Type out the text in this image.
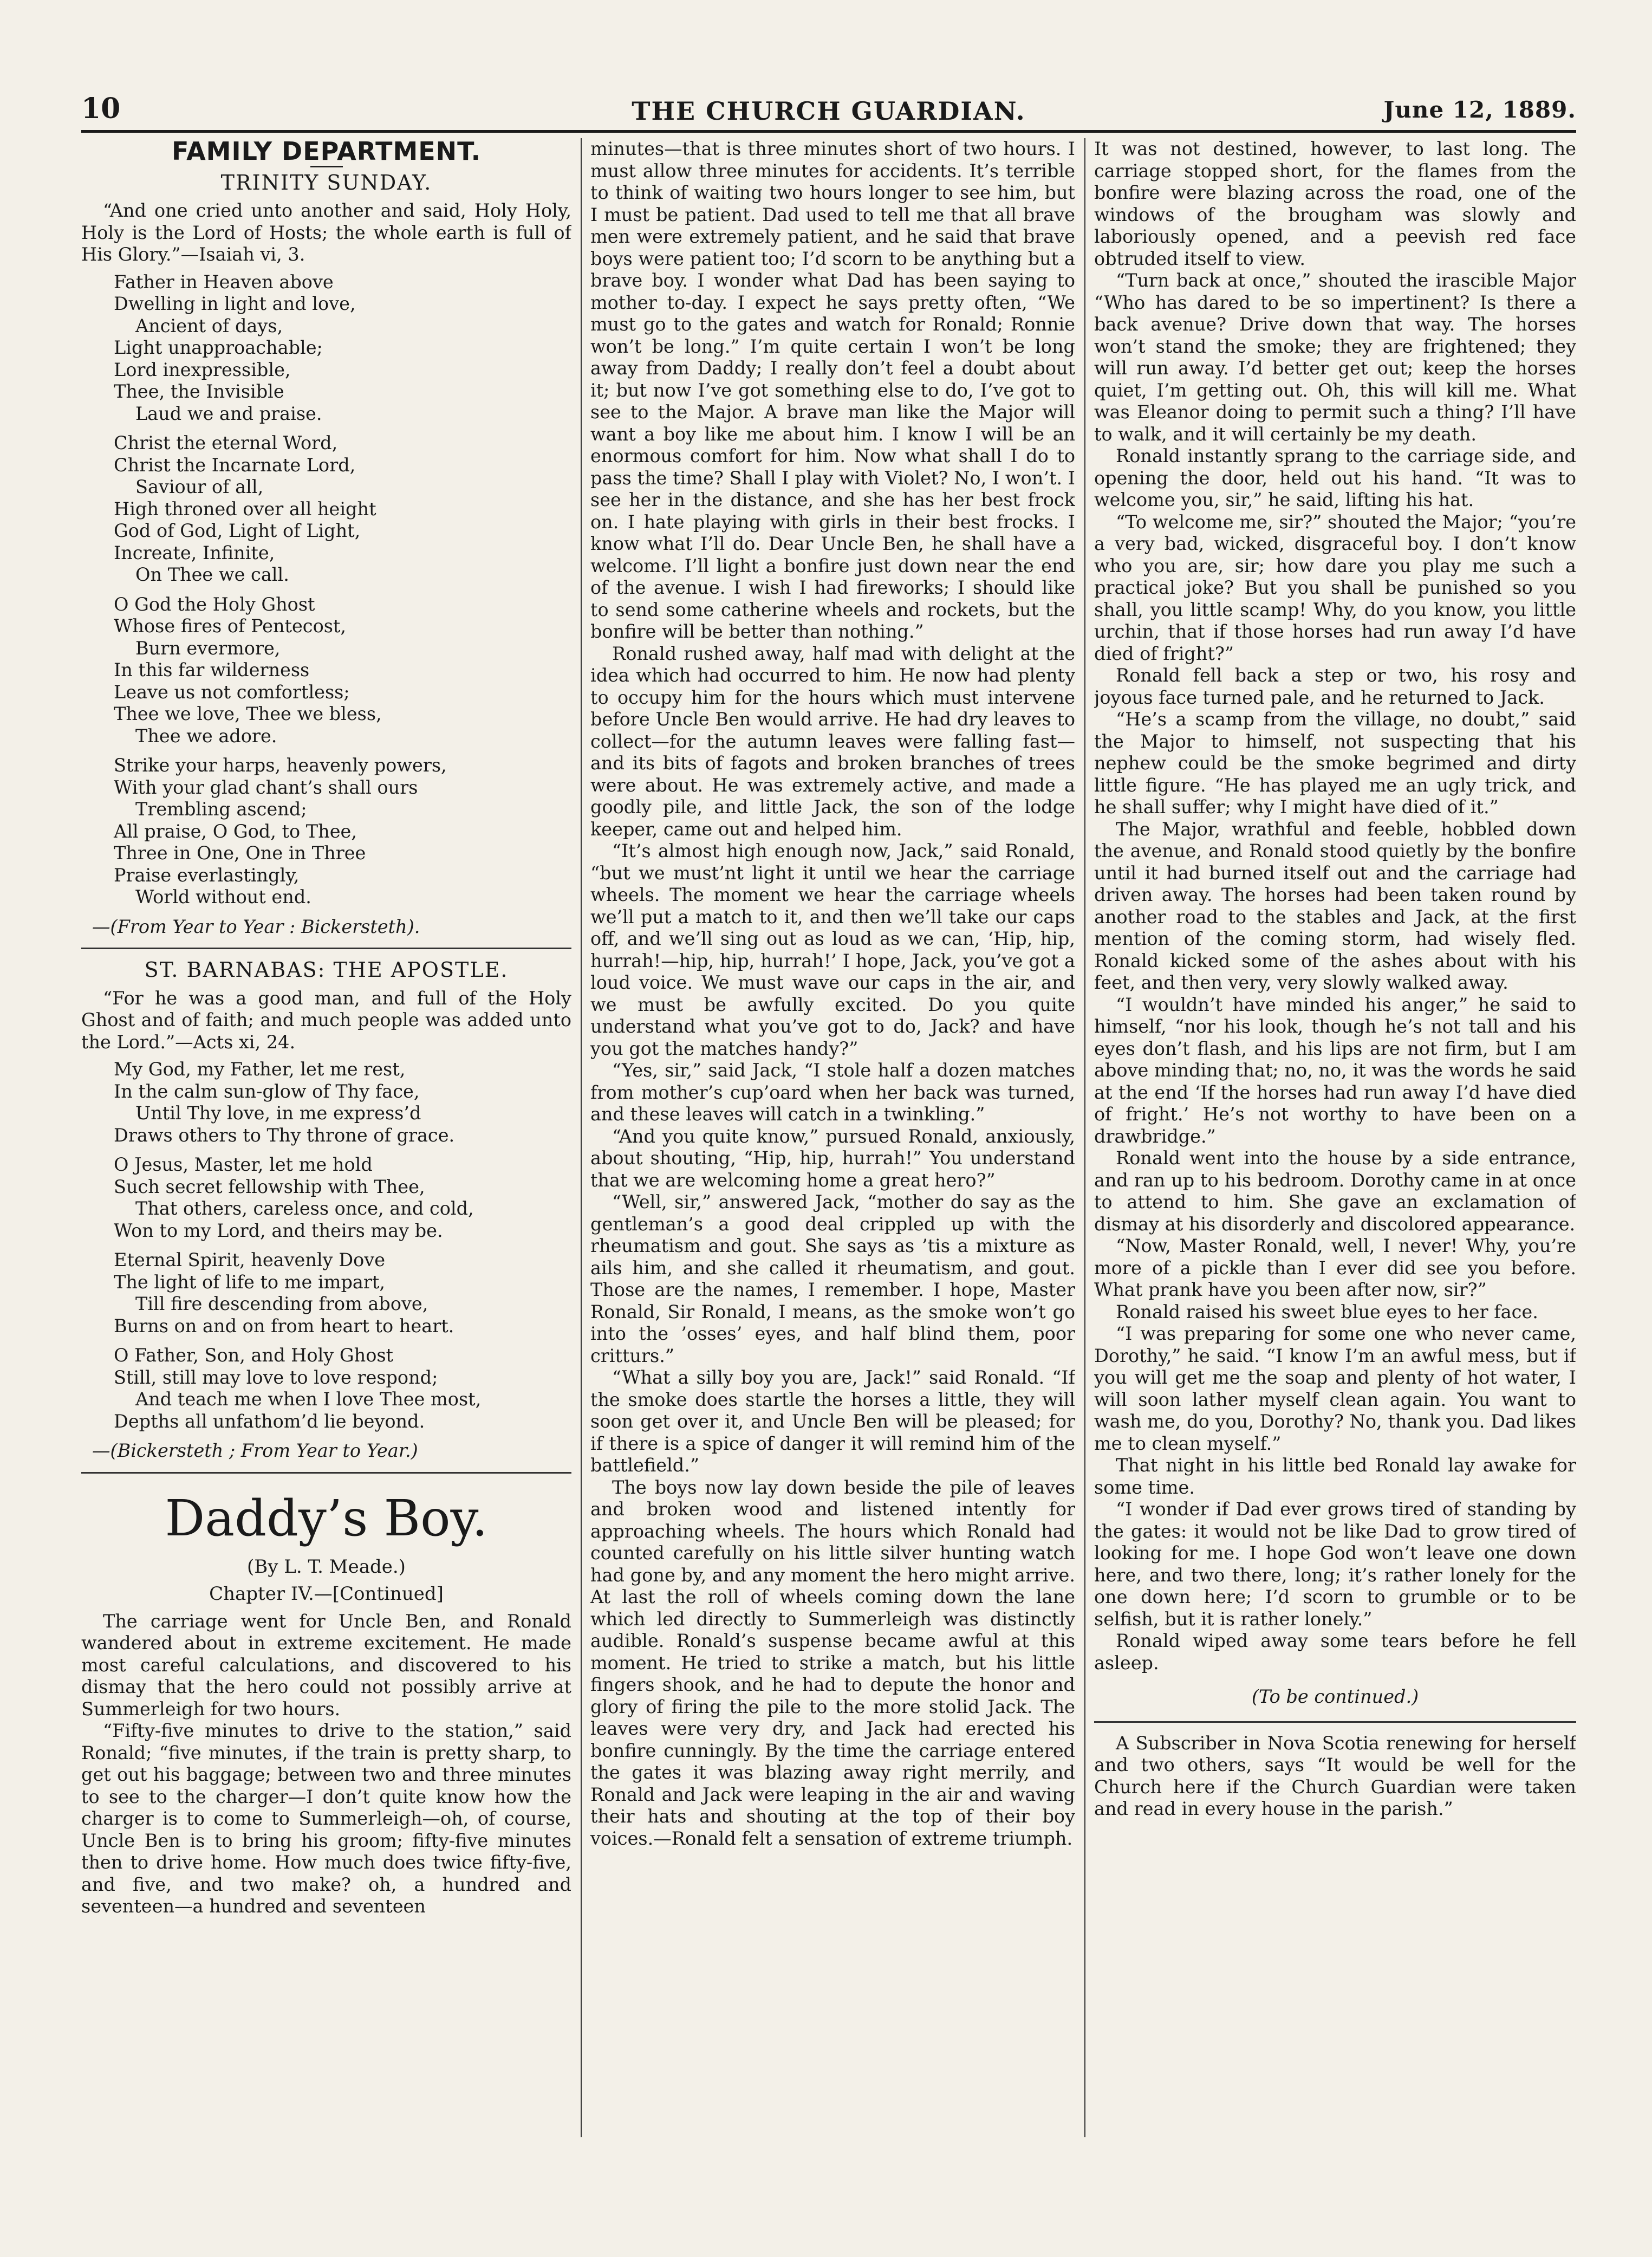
10	THE CHURCH GUARDIAN.	June 12, 1889.
FAMILY DEPARTMENT.
TRINITY SUNDAY.

“And one cried unto another and said, Holy Holy, Holy is the Lord of Hosts; the whole earth is full of His Glory.”—Isaiah vi, 3.

Father in Heaven above
Dwelling in light and love,
Ancient of days,
Light unapproachable;
Lord inexpressible,
Thee, the Invisible
Laud we and praise.
Christ the eternal Word,
Christ the Incarnate Lord,
Saviour of all,
High throned over all height
God of God, Light of Light,
Increate, Infinite,
On Thee we call.
O God the Holy Ghost
Whose fires of Pentecost,
Burn evermore,
In this far wilderness
Leave us not comfortless;
Thee we love, Thee we bless,
Thee we adore.
Strike your harps, heavenly powers,
With your glad chant’s shall ours
Trembling ascend;
All praise, O God, to Thee,
Three in One, One in Three
Praise everlastingly,
World without end.

—(From Year to Year : Bickersteth).

ST. BARNABAS: THE APOSTLE.

“For he was a good man, and full of the Holy Ghost and of faith; and much people was added unto the Lord.”—Acts xi, 24.

My God, my Father, let me rest,
In the calm sun-glow of Thy face,
Until Thy love, in me express’d
Draws others to Thy throne of grace.
O Jesus, Master, let me hold
Such secret fellowship with Thee,
That others, careless once, and cold,
Won to my Lord, and theirs may be.
Eternal Spirit, heavenly Dove
The light of life to me impart,
Till fire descending from above,
Burns on and on from heart to heart.
O Father, Son, and Holy Ghost
Still, still may love to love respond;
And teach me when I love Thee most,
Depths all unfathom’d lie beyond.

—(Bickersteth ; From Year to Year.)

Daddy’s Boy.
(By L. T. Meade.)
Chapter IV.—[Continued]

The carriage went for Uncle Ben, and Ronald wandered about in extreme excitement. He made most careful calculations, and discovered to his dismay that the hero could not possibly arrive at Summerleigh for two hours.

“Fifty-five minutes to drive to the station,” said Ronald; “five minutes, if the train is pretty sharp, to get out his baggage; between two and three minutes to see to the charger—I don’t quite know how the charger is to come to Summerleigh—oh, of course, Uncle Ben is to bring his groom; fifty-five minutes then to drive home. How much does twice fifty-five, and five, and two make? oh, a hundred and seventeen—a hundred and seventeen

minutes—that is three minutes short of two hours. I must allow three minutes for accidents. It’s terrible to think of waiting two hours longer to see him, but I must be patient. Dad used to tell me that all brave men were extremely patient, and he said that brave boys were patient too; I’d scorn to be anything but a brave boy. I wonder what Dad has been saying to mother to-day. I expect he says pretty often, “We must go to the gates and watch for Ronald; Ronnie won’t be long.” I’m quite certain I won’t be long away from Daddy; I really don’t feel a doubt about it; but now I’ve got something else to do, I’ve got to see to the Major. A brave man like the Major will want a boy like me about him. I know I will be an enormous comfort for him. Now what shall I do to pass the time? Shall I play with Violet? No, I won’t. I see her in the distance, and she has her best frock on. I hate playing with girls in their best frocks. I know what I’ll do. Dear Uncle Ben, he shall have a welcome. I’ll light a bonfire just down near the end of the avenue. I wish I had fireworks; I should like to send some catherine wheels and rockets, but the bonfire will be better than nothing.”

Ronald rushed away, half mad with delight at the idea which had occurred to him. He now had plenty to occupy him for the hours which must intervene before Uncle Ben would arrive. He had dry leaves to collect—for the autumn leaves were falling fast—and its bits of fagots and broken branches of trees were about. He was extremely active, and made a goodly pile, and little Jack, the son of the lodge keeper, came out and helped him.

“It’s almost high enough now, Jack,” said Ronald, “but we must’nt light it until we hear the carriage wheels. The moment we hear the carriage wheels we’ll put a match to it, and then we’ll take our caps off, and we’ll sing out as loud as we can, ‘Hip, hip, hurrah!—hip, hip, hurrah!’ I hope, Jack, you’ve got a loud voice. We must wave our caps in the air, and we must be awfully excited. Do you quite understand what you’ve got to do, Jack? and have you got the matches handy?”

“Yes, sir,” said Jack, “I stole half a dozen matches from mother’s cup’oard when her back was turned, and these leaves will catch in a twinkling.”

“And you quite know,” pursued Ronald, anxiously, about shouting, “Hip, hip, hurrah!” You understand that we are welcoming home a great hero?”

“Well, sir,” answered Jack, “mother do say as the gentleman’s a good deal crippled up with the rheumatism and gout. She says as ’tis a mixture as ails him, and she called it rheumatism, and gout. Those are the names, I remember. I hope, Master Ronald, Sir Ronald, I means, as the smoke won’t go into the ’osses’ eyes, and half blind them, poor critturs.”

“What a silly boy you are, Jack!” said Ronald. “If the smoke does startle the horses a little, they will soon get over it, and Uncle Ben will be pleased; for if there is a spice of danger it will remind him of the battlefield.”

The boys now lay down beside the pile of leaves and broken wood and listened intently for approaching wheels. The hours which Ronald had counted carefully on his little silver hunting watch had gone by, and any moment the hero might arrive. At last the roll of wheels coming down the lane which led directly to Summerleigh was distinctly audible. Ronald’s suspense became awful at this moment. He tried to strike a match, but his little fingers shook, and he had to depute the honor and glory of firing the pile to the more stolid Jack. The leaves were very dry, and Jack had erected his bonfire cunningly. By the time the carriage entered the gates it was blazing away right merrily, and Ronald and Jack were leaping in the air and waving their hats and shouting at the top of their boy voices.—Ronald felt a sensation of extreme triumph.

It was not destined, however, to last long. The carriage stopped short, for the flames from the bonfire were blazing across the road, one of the windows of the brougham was slowly and laboriously opened, and a peevish red face obtruded itself to view.

“Turn back at once,” shouted the irascible Major “Who has dared to be so impertinent? Is there a back avenue? Drive down that way. The horses won’t stand the smoke; they are frightened; they will run away. I’d better get out; keep the horses quiet, I’m getting out. Oh, this will kill me. What was Eleanor doing to permit such a thing? I’ll have to walk, and it will certainly be my death.

Ronald instantly sprang to the carriage side, and opening the door, held out his hand. “It was to welcome you, sir,” he said, lifting his hat.

“To welcome me, sir?” shouted the Major; “you’re a very bad, wicked, disgraceful boy. I don’t know who you are, sir; how dare you play me such a practical joke? But you shall be punished so you shall, you little scamp! Why, do you know, you little urchin, that if those horses had run away I’d have died of fright?”

Ronald fell back a step or two, his rosy and joyous face turned pale, and he returned to Jack.

“He’s a scamp from the village, no doubt,” said the Major to himself, not suspecting that his nephew could be the smoke begrimed and dirty little figure. “He has played me an ugly trick, and he shall suffer; why I might have died of it.”

The Major, wrathful and feeble, hobbled down the avenue, and Ronald stood quietly by the bonfire until it had burned itself out and the carriage had driven away. The horses had been taken round by another road to the stables and Jack, at the first mention of the coming storm, had wisely fled. Ronald kicked some of the ashes about with his feet, and then very, very slowly walked away.

“I wouldn’t have minded his anger,” he said to himself, “nor his look, though he’s not tall and his eyes don’t flash, and his lips are not firm, but I am above minding that; no, no, it was the words he said at the end ‘If the horses had run away I’d have died of fright.’ He’s not worthy to have been on a drawbridge.”

Ronald went into the house by a side entrance, and ran up to his bedroom. Dorothy came in at once to attend to him. She gave an exclamation of dismay at his disorderly and discolored appearance.

“Now, Master Ronald, well, I never! Why, you’re more of a pickle than I ever did see you before. What prank have you been after now, sir?”

Ronald raised his sweet blue eyes to her face.

“I was preparing for some one who never came, Dorothy,” he said. “I know I’m an awful mess, but if you will get me the soap and plenty of hot water, I will soon lather myself clean again. You want to wash me, do you, Dorothy? No, thank you. Dad likes me to clean myself.”

That night in his little bed Ronald lay awake for some time.

“I wonder if Dad ever grows tired of standing by the gates: it would not be like Dad to grow tired of looking for me. I hope God won’t leave one down here, and two there, long; it’s rather lonely for the one down here; I’d scorn to grumble or to be selfish, but it is rather lonely.”

Ronald wiped away some tears before he fell asleep.

(To be continued.)

A Subscriber in Nova Scotia renewing for herself and two others, says “It would be well for the Church here if the Church Guardian were taken and read in every house in the parish.”
